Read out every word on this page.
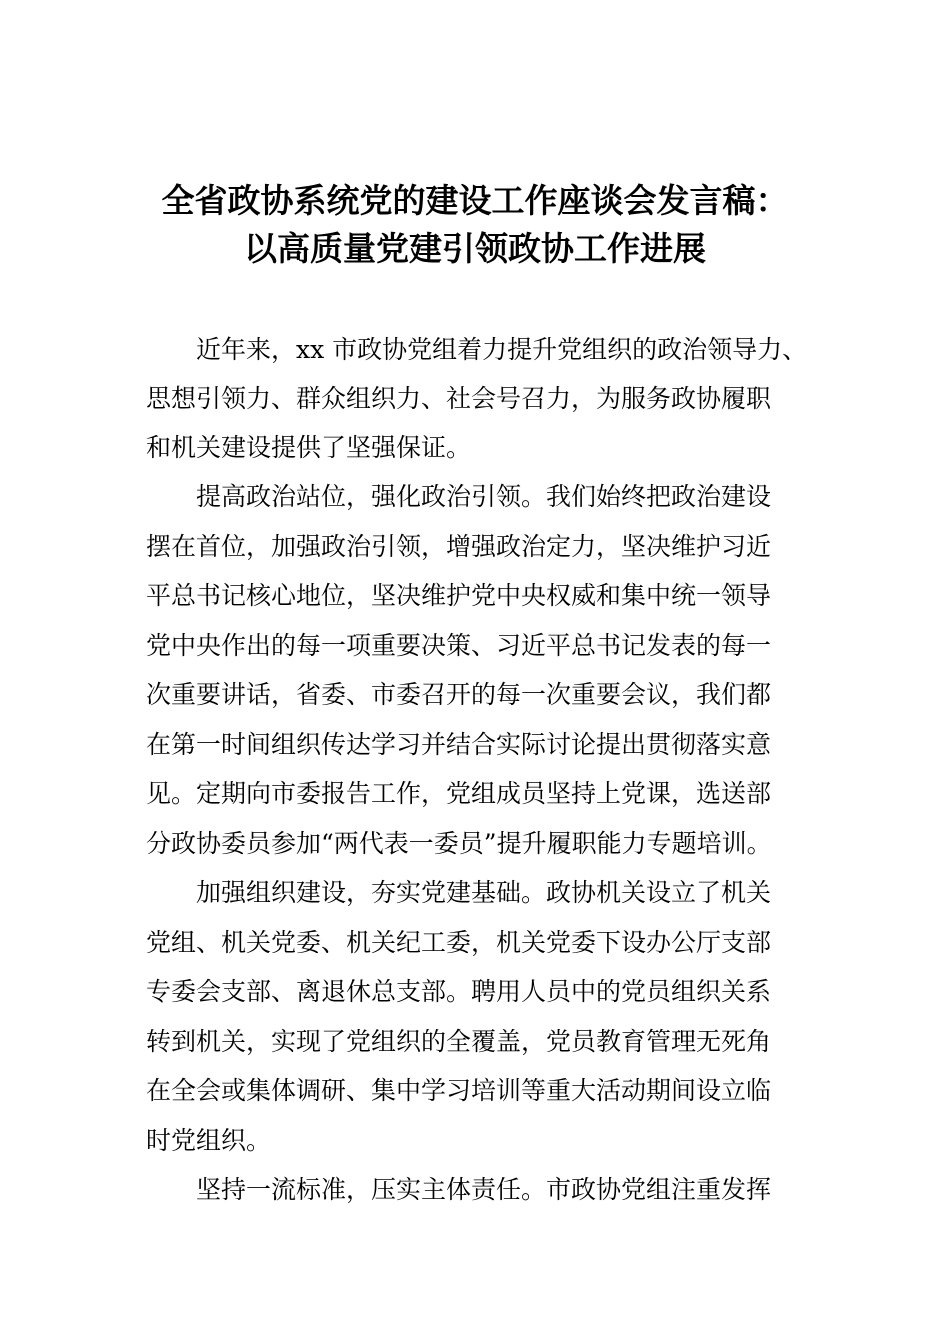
全省政协系统党的建设工作座谈会发言稿：
以高质量党建引领政协工作进展
近年来，xx 市政协党组着力提升党组织的政治领导力、
思想引领力、群众组织力、社会号召力，为服务政协履职
和机关建设提供了坚强保证。
提高政治站位，强化政治引领。我们始终把政治建设
摆在首位，加强政治引领，增强政治定力，坚决维护习近
平总书记核心地位，坚决维护党中央权威和集中统一领导
党中央作出的每一项重要决策、习近平总书记发表的每一
次重要讲话，省委、市委召开的每一次重要会议，我们都
在第一时间组织传达学习并结合实际讨论提出贯彻落实意
见。定期向市委报告工作，党组成员坚持上党课，选送部
分政协委员参加“两代表一委员”提升履职能力专题培训。
加强组织建设，夯实党建基础。政协机关设立了机关
党组、机关党委、机关纪工委，机关党委下设办公厅支部
专委会支部、离退休总支部。聘用人员中的党员组织关系
转到机关，实现了党组织的全覆盖，党员教育管理无死角
在全会或集体调研、集中学习培训等重大活动期间设立临
时党组织。
坚持一流标准，压实主体责任。市政协党组注重发挥
